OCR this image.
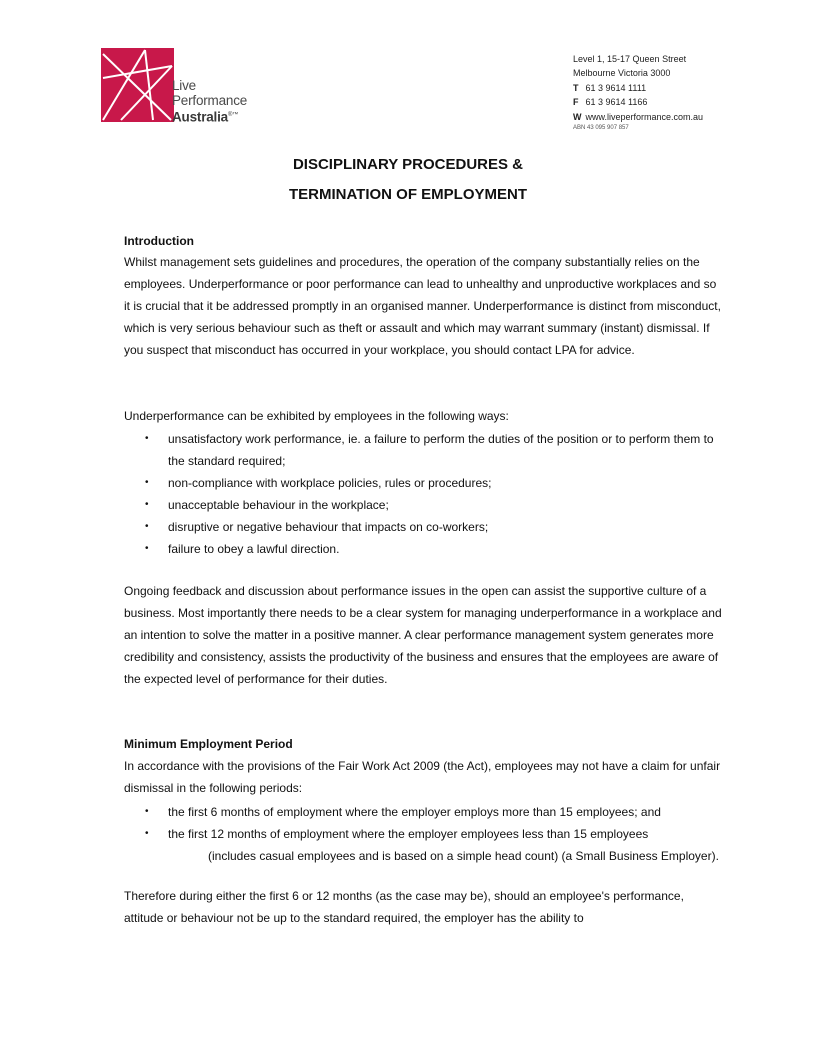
Live
Performance
Australia®™
Level 1, 15-17 Queen Street
Melbourne Victoria 3000
T 61 3 9614 1111
F 61 3 9614 1166
W www.liveperformance.com.au
ABN 43 095 907 857
DISCIPLINARY PROCEDURES &
TERMINATION OF EMPLOYMENT
Introduction
Whilst management sets guidelines and procedures, the operation of the company substantially relies on the employees. Underperformance or poor performance can lead to unhealthy and unproductive workplaces and so it is crucial that it be addressed promptly in an organised manner. Underperformance is distinct from misconduct, which is very serious behaviour such as theft or assault and which may warrant summary (instant) dismissal. If you suspect that misconduct has occurred in your workplace, you should contact LPA for advice.
Underperformance can be exhibited by employees in the following ways:
• unsatisfactory work performance, ie. a failure to perform the duties of the position or to perform them to the standard required;
• non-compliance with workplace policies, rules or procedures;
• unacceptable behaviour in the workplace;
• disruptive or negative behaviour that impacts on co-workers;
• failure to obey a lawful direction.
Ongoing feedback and discussion about performance issues in the open can assist the supportive culture of a business. Most importantly there needs to be a clear system for managing underperformance in a workplace and an intention to solve the matter in a positive manner. A clear performance management system generates more credibility and consistency, assists the productivity of the business and ensures that the employees are aware of the expected level of performance for their duties.
Minimum Employment Period
In accordance with the provisions of the Fair Work Act 2009 (the Act), employees may not have a claim for unfair dismissal in the following periods:
• the first 6 months of employment where the employer employs more than 15 employees; and
• the first 12 months of employment where the employer employees less than 15 employees
(includes casual employees and is based on a simple head count) (a Small Business Employer).
Therefore during either the first 6 or 12 months (as the case may be), should an employee's performance, attitude or behaviour not be up to the standard required, the employer has the ability to
